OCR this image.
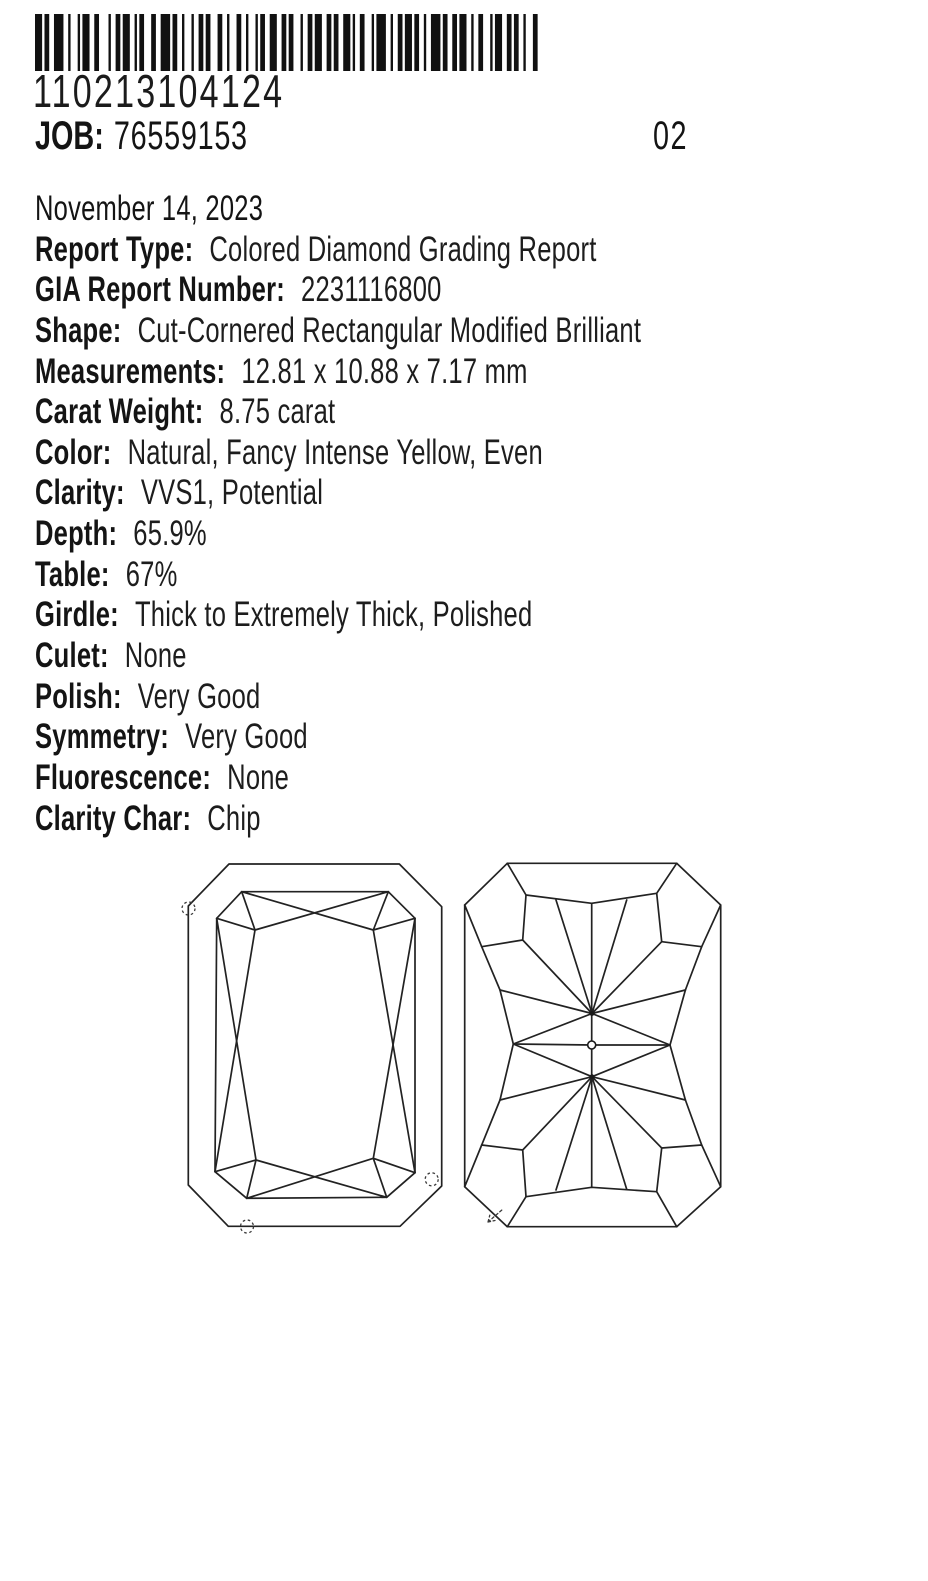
110213104124
JOB: 76559153	02
November 14, 2023
Report Type: Colored Diamond Grading Report
GIA Report Number: 2231116800
Shape: Cut-Cornered Rectangular Modified Brilliant
Measurements: 12.81 x 10.88 x 7.17 mm
Carat Weight: 8.75 carat
Color: Natural, Fancy Intense Yellow, Even
Clarity: VVS1, Potential
Depth: 65.9%
Table: 67%
Girdle: Thick to Extremely Thick, Polished
Culet: None
Polish: Very Good
Symmetry: Very Good
Fluorescence: None
Clarity Char: Chip
